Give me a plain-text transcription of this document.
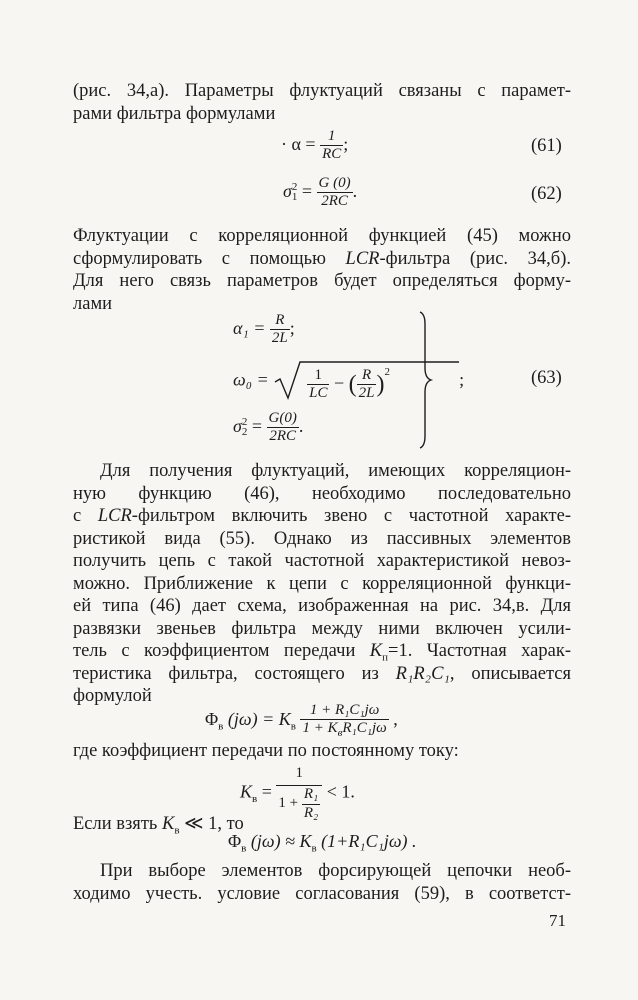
(рис. 34,а). Параметры флуктуаций связаны с парамет-
рами фильтра формулами
· $\alpha = \frac{1}{RC}$ ;	(61)
σ 2
$1 = \frac{G (0)}{2RC}$ .	(62)
Флуктуации с корреляционной функцией (45) можно
сформулировать с помощью LCR-фильтра (рис. 34,б).
Для него связь параметров будет определяться форму-
лами
$\alpha_1 = \frac{R}{2L}$ ;
ω₀ =	$\frac{1}{LC}$ − ( $\frac{R}{2L} )^2$	;
σ 2
$2 = \frac{G(0)}{2RC}$ .
(63)
Для получения флуктуаций, имеющих корреляцион-
ную функцию (46), необходимо последовательно
с LCR-фильтром включить звено с частотной характе-
ристикой вида (55). Однако из пассивных элементов
получить цепь с такой частотной характеристикой невоз-
можно. Приближение к цепи с корреляционной функци-
ей типа (46) дает схема, изображенная на рис. 34,в. Для
развязки звеньев фильтра между ними включен усили-
тель с коэффициентом передачи $K_п=1$. Частотная харак-
теристика фильтра, состоящего из R₁R₂C₁, описывается
формулой
$\Phi_в$ $(j\omega) = K_в \frac{\text{1 + R₁C₁jω}}{1 + K_вR_1C_1j\omega}$ ,
где коэффициент передачи по постоянному току:
$K_в = \frac{1}{1 + \frac{\text{R₁}}{\text{R₂}}} < 1$.
Если взять $K_в$ ≪ 1, то
$\Phi_в$ $(j\omega) \approx K_в$ (1+R₁C₁jω) .
При выборе элементов форсирующей цепочки необ-
ходимо учесть. условие согласования (59), в соответст-
71
